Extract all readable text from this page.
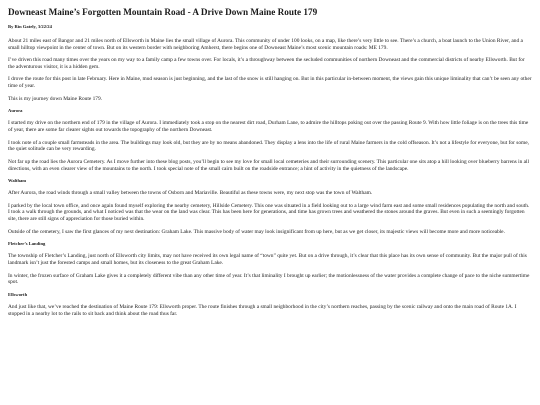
Downeast Maine’s Forgotten Mountain Road - A Drive Down Maine Route 179
By Rin Gately, 3/22/24

About 21 miles east of Bangor and 21 miles north of Ellsworth in Maine lies the small village of Aurora. This community of under 100 looks, on a map, like there’s very little to see. There’s a church, a boat launch to the Union River, and a small hilltop viewpoint in the center of town. But on its western border with neighboring Amherst, there begins one of Downeast Maine’s most scenic mountain roads: ME 179.

I’ve driven this road many times over the years on my way to a family camp a few towns over. For locals, it’s a throughway between the secluded communities of northern Downeast and the commercial districts of nearby Ellsworth. But for the adventurous visitor, it is a hidden gem.

I drove the route for this post in late February. Here in Maine, mud season is just beginning, and the last of the snow is still hanging on. But in this particular in-between moment, the views gain this unique liminality that can’t be seen any other time of year.

This is my journey down Maine Route 179.

Aurora

I started my drive on the northern end of 179 in the village of Aurora. I immediately took a stop on the nearest dirt road, Durham Lane, to admire the hilltops poking out over the passing Route 9. With how little foliage is on the trees this time of year, there are some far clearer sights out towards the topography of the northern Downeast.

I took note of a couple small farmsteads in the area. The buildings may look old, but they are by no means abandoned. They display a lens into the life of rural Maine farmers in the cold offseason. It’s not a lifestyle for everyone, but for some, the quiet solitude can be very rewarding.

Not far up the road lies the Aurora Cemetery. As I move further into these blog posts, you’ll begin to see my love for small local cemeteries and their surrounding scenery. This particular one sits atop a hill looking over blueberry barrens in all directions, with an even clearer view of the mountains to the north. I took special note of the small cairn built on the roadside entrance; a hint of activity in the quietness of the landscape.

Waltham

After Aurora, the road winds through a small valley between the towns of Osborn and Mariaville. Beautiful as these towns were, my next stop was the town of Waltham.

I parked by the local town office, and once again found myself exploring the nearby cemetery, Hillside Cemetery. This one was situated in a field looking out to a large wind farm east and some small residences populating the north and south. I took a walk through the grounds, and what I noticed was that the wear on the land was clear. This has been here for generations, and time has grown trees and weathered the stones around the graves. But even in such a seemingly forgotten site, there are still signs of appreciation for those buried within.

Outside of the cemetery, I saw the first glances of my next destination: Graham Lake. This massive body of water may look insignificant from up here, but as we get closer, its majestic views will become more and more noticeable.

Fletcher’s Landing

The township of Fletcher’s Landing, just north of Ellsworth city limits, may not have received its own legal name of “town” quite yet. But on a drive through, it’s clear that this place has its own sense of community. But the major pull of this landmark isn’t just the forested camps and small homes, but its closeness to the great Graham Lake.

In winter, the frozen surface of Graham Lake gives it a completely different vibe than any other time of year. It’s that liminality I brought up earlier; the motionlessness of the water provides a complete change of pace to the niche summertime spot.

Ellsworth

And just like that, we’ve reached the destination of Maine Route 179: Ellsworth proper. The route finishes through a small neighborhood in the city’s northern reaches, passing by the scenic railway and onto the main road of Route 1A. I stopped in a nearby lot to the rails to sit back and think about the road thus far.
